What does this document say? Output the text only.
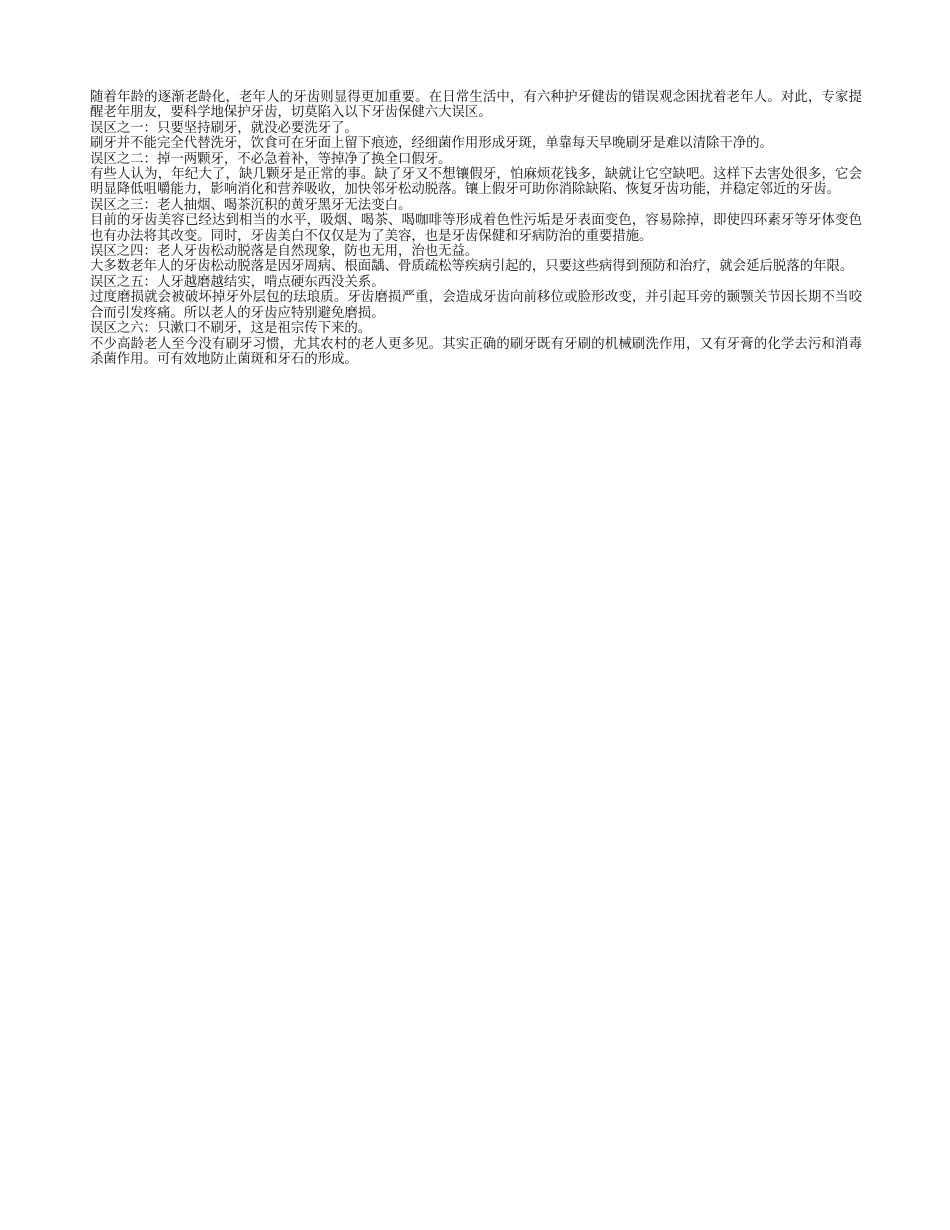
随着年龄的逐渐老龄化，老年人的牙齿则显得更加重要。在日常生活中，有六种护牙健齿的错误观念困扰着老年人。对此，专家提醒老年朋友，要科学地保护牙齿，切莫陷入以下牙齿保健六大误区。

误区之一：只要坚持刷牙，就没必要洗牙了。

刷牙并不能完全代替洗牙，饮食可在牙面上留下痕迹，经细菌作用形成牙斑，单靠每天早晚刷牙是难以清除干净的。

误区之二：掉一两颗牙，不必急着补，等掉净了换全口假牙。

有些人认为，年纪大了，缺几颗牙是正常的事。缺了牙又不想镶假牙，怕麻烦花钱多，缺就让它空缺吧。这样下去害处很多，它会明显降低咀嚼能力，影响消化和营养吸收，加快邻牙松动脱落。镶上假牙可助你消除缺陷、恢复牙齿功能，并稳定邻近的牙齿。

误区之三：老人抽烟、喝茶沉积的黄牙黑牙无法变白。

目前的牙齿美容已经达到相当的水平，吸烟、喝茶、喝咖啡等形成着色性污垢是牙表面变色，容易除掉，即使四环素牙等牙体变色也有办法将其改变。同时，牙齿美白不仅仅是为了美容，也是牙齿保健和牙病防治的重要措施。

误区之四：老人牙齿松动脱落是自然现象，防也无用，治也无益。

大多数老年人的牙齿松动脱落是因牙周病、根面龋、骨质疏松等疾病引起的，只要这些病得到预防和治疗，就会延后脱落的年限。

误区之五：人牙越磨越结实，啃点硬东西没关系。

过度磨损就会被破坏掉牙外层包的珐琅质。牙齿磨损严重，会造成牙齿向前移位或脸形改变，并引起耳旁的颞颚关节因长期不当咬合而引发疼痛。所以老人的牙齿应特别避免磨损。

误区之六：只漱口不刷牙，这是祖宗传下来的。

不少高龄老人至今没有刷牙习惯，尤其农村的老人更多见。其实正确的刷牙既有牙刷的机械刷洗作用，又有牙膏的化学去污和消毒杀菌作用。可有效地防止菌斑和牙石的形成。
